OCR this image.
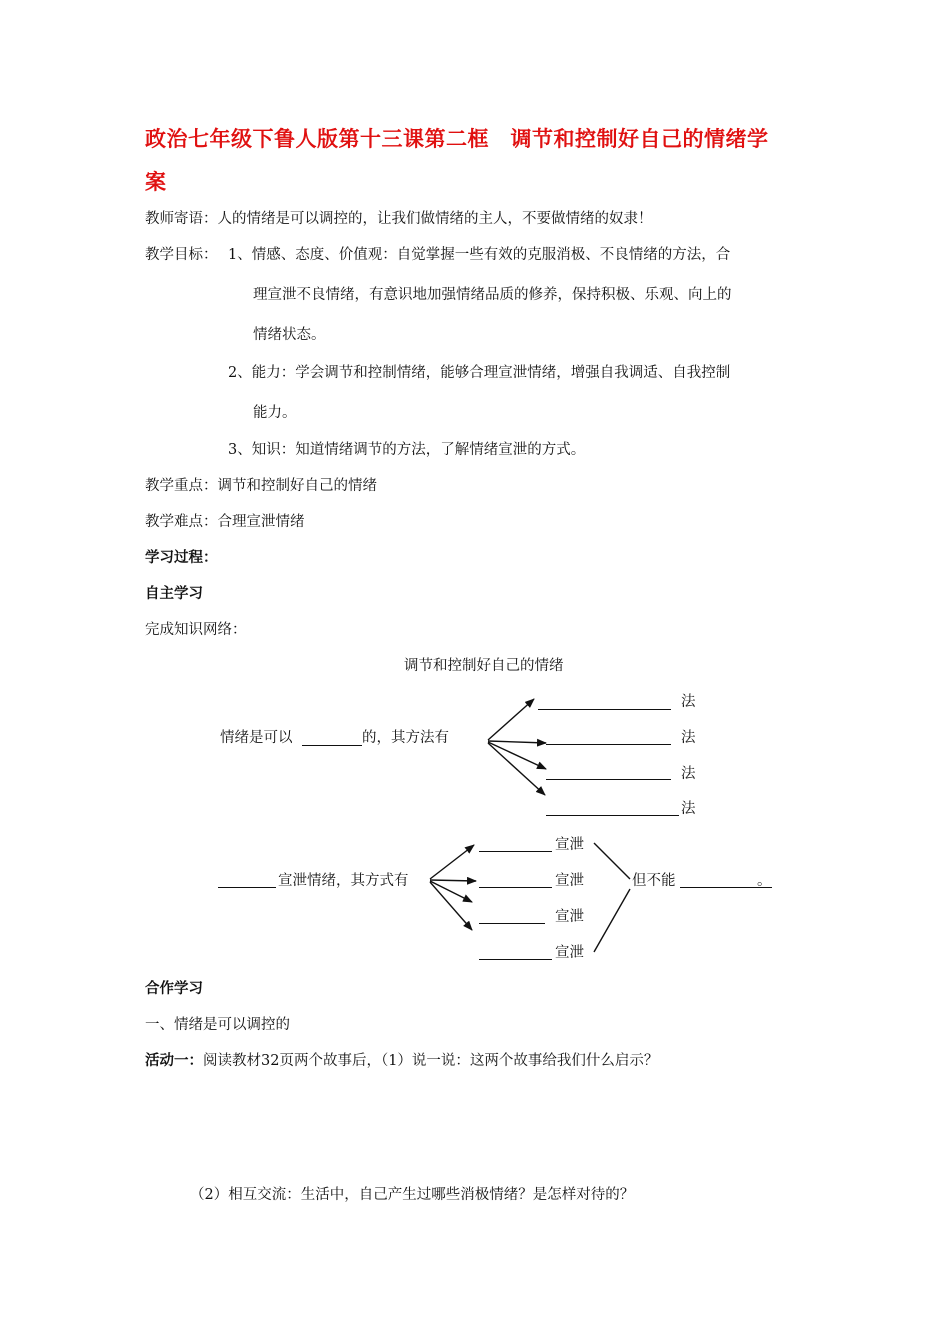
政治七年级下鲁人版第十三课第二框　调节和控制好自己的情绪学
案
教师寄语：人的情绪是可以调控的，让我们做情绪的主人，不要做情绪的奴隶！
教学目标： 1、情感、态度、价值观：自觉掌握一些有效的克服消极、不良情绪的方法，合
理宣泄不良情绪，有意识地加强情绪品质的修养，保持积极、乐观、向上的
情绪状态。
2、能力：学会调节和控制情绪，能够合理宣泄情绪，增强自我调适、自我控制
能力。
3、知识：知道情绪调节的方法，了解情绪宣泄的方式。
教学重点：调节和控制好自己的情绪
教学难点：合理宣泄情绪
学习过程：
自主学习
完成知识网络：
调节和控制好自己的情绪
情绪是可以	的，其方法有
法
法
法
法
宣泄情绪，其方式有
宣泄
宣泄
宣泄
宣泄
但不能	。
合作学习
一、情绪是可以调控的
活动一：阅读教材32页两个故事后，（1）说一说：这两个故事给我们什么启示？
（2）相互交流：生活中，自己产生过哪些消极情绪？是怎样对待的？
